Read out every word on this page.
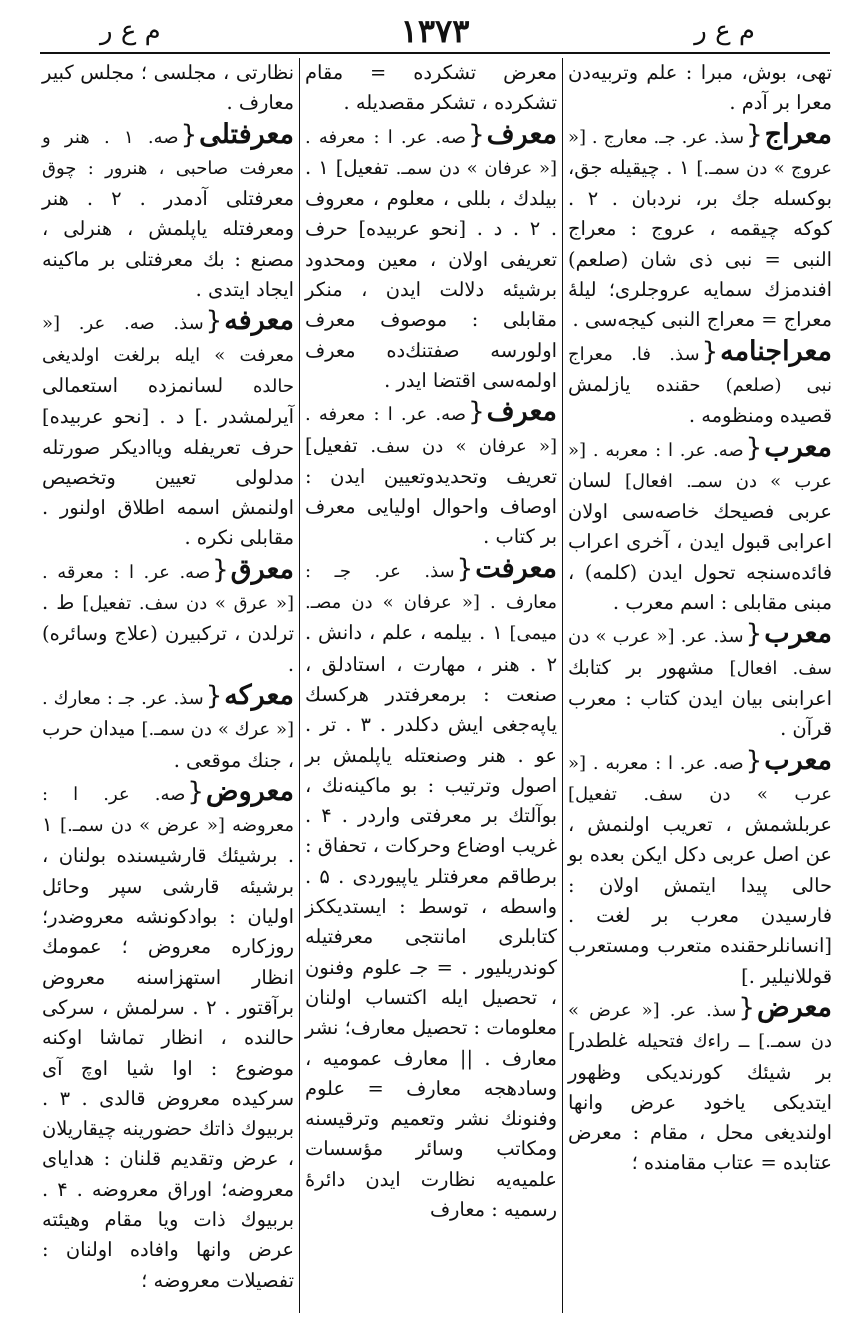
م ع ر	۱۳۷۳	م ع ر
تهی، بوش، مبرا : علم وتربیه‌دن معرا بر آدم .
معراج{سذ. عر. جـ. معارج . [« عروج » دن سمـ.] ۱ . چیقیله جق، بوکسله جك بر، نردبان . ۲ . كوكه چیقمه ، عروج : معراج النبی = نبی ذی شان (صلعم) افندمزك سمایه عروجلری؛ لیلهٔ معراج = معراج النبی كیجه‌سی .
معراجنامه{سذ. فا. معراج نبی (صلعم) حقنده یازلمش قصیده ومنظومه .
معرب{صه. عر. ا : معربه . [« عرب » دن سمـ. افعال] لسان عربی فصیحك خاصه‌سی اولان اعرابی قبول ایدن ، آخری اعراب فائده‌سنجه تحول ایدن (كلمه) ، مبنی مقابلی : اسم معرب .
معرب{سذ. عر. [« عرب » دن سف. افعال] مشهور بر كتابك اعرابنی بیان ایدن كتاب : معرب قرآن .
معرب{صه. عر. ا : معربه . [« عرب » دن سف. تفعیل] عربلشمش ، تعریب اولنمش ، عن اصل عربی دكل ایكن بعده بو حالی پیدا ایتمش اولان : فارسیدن معرب بر لغت . [انسانلرحقنده متعرب ومستعرب قوللانیلیر .]
معرض{سذ. عر. [« عرض » دن سمـ.] ــ راءك فتحیله غلطدر] بر شیئك كورندیكی وظهور ایتدیكی یاخود عرض وانها اولندیغی محل ، مقام : معرض عتابده = عتاب مقامنده ؛
معرض تشكرده = مقام تشكرده ، تشكر مقصدیله .
معرف{صه. عر. ا : معرفه . [« عرفان » دن سمـ. تفعیل] ۱ . بیلدك ، بللی ، معلوم ، معروف . ۲ . د . [نحو عربیده] حرف تعریفی اولان ، معین ومحدود برشیئه دلالت ایدن ، منكر مقابلی : موصوف معرف اولورسه صفتنك‌ده معرف اولمه‌سی اقتضا ایدر .
معرف{صه. عر. ا : معرفه . [« عرفان » دن سف. تفعیل] تعریف وتحدیدوتعیین ایدن : اوصاف واحوال اولیایی معرف بر كتاب .
معرفت{سذ. عر. جـ : معارف . [« عرفان » دن مصـ. میمی] ۱ . بیلمه ، علم ، دانش . ۲ . هنر ، مهارت ، استادلق ، صنعت : برمعرفتدر هركسك یاپه‌جغی ایش دكلدر . ۳ . تر . عو . هنر وصنعتله یاپلمش بر اصول وترتیب : بو ماكینه‌نك ، بوآلتك بر معرفتی واردر . ۴ . غریب اوضاع وحركات ، تحفاق : برطاقم معرفتلر یاپیوردی . ۵ . واسطه ، توسط : ایستدیككز كتابلری امانتجی معرفتیله كوندریلیور . = جـ علوم وفنون ، تحصیل ایله اكتساب اولنان معلومات : تحصیل معارف؛ نشر معارف . || معارف عمومیه ، وسادهجه معارف = علوم وفنونك نشر وتعمیم وترقیسنه ومكاتب وسائر مؤسسات علمیه‌یه نظارت ایدن دائرهٔ رسمیه : معارف
نظارتی ، مجلسی ؛ مجلس كبیر معارف .
معرفتلی{صه. ۱ . هنر و معرفت صاحبی ، هنرور : چوق معرفتلی آدمدر . ۲ . هنر ومعرفتله یاپلمش ، هنرلی ، مصنع : بك معرفتلی بر ماكینه ایجاد ایتدی .
معرفه{سذ. صه. عر. [« معرفت » ایله برلغت اولدیغی حالده لسانمزده استعمالی آیرلمشدر .] د . [نحو عربیده] حرف تعریفله ویاادیكر صورتله مدلولی تعیین وتخصیص اولنمش اسمه اطلاق اولنور . مقابلی نكره .
معرق{صه. عر. ا : معرقه . [« عرق » دن سف. تفعیل] ط . ترلدن ، تركبیرن (علاج وسائره) .
معركه{سذ. عر. جـ : معارك . [« عرك » دن سمـ.] میدان حرب ، جنك موقعی .
معروض{صه. عر. ا : معروضه [« عرض » دن سمـ.] ۱ . برشیئك قارشیسنده بولنان ، برشیئه قارشی سپر وحائل اولیان : بوادكونشه معروضدر؛ روزكاره معروض ؛ عمومك انظار استهزاسنه معروض برآقتور . ۲ . سرلمش ، سركی حالنده ، انظار تماشا اوكنه موضوع : اوا شیا اوچ آی سركیده معروض قالدی . ۳ . بربیوك ذاتك حضورینه چیقاریلان ، عرض وتقدیم قلنان : هدایای معروضه؛ اوراق معروضه . ۴ . بربیوك ذات ویا مقام وهیئته عرض وانها وافاده اولنان : تفصیلات معروضه ؛
